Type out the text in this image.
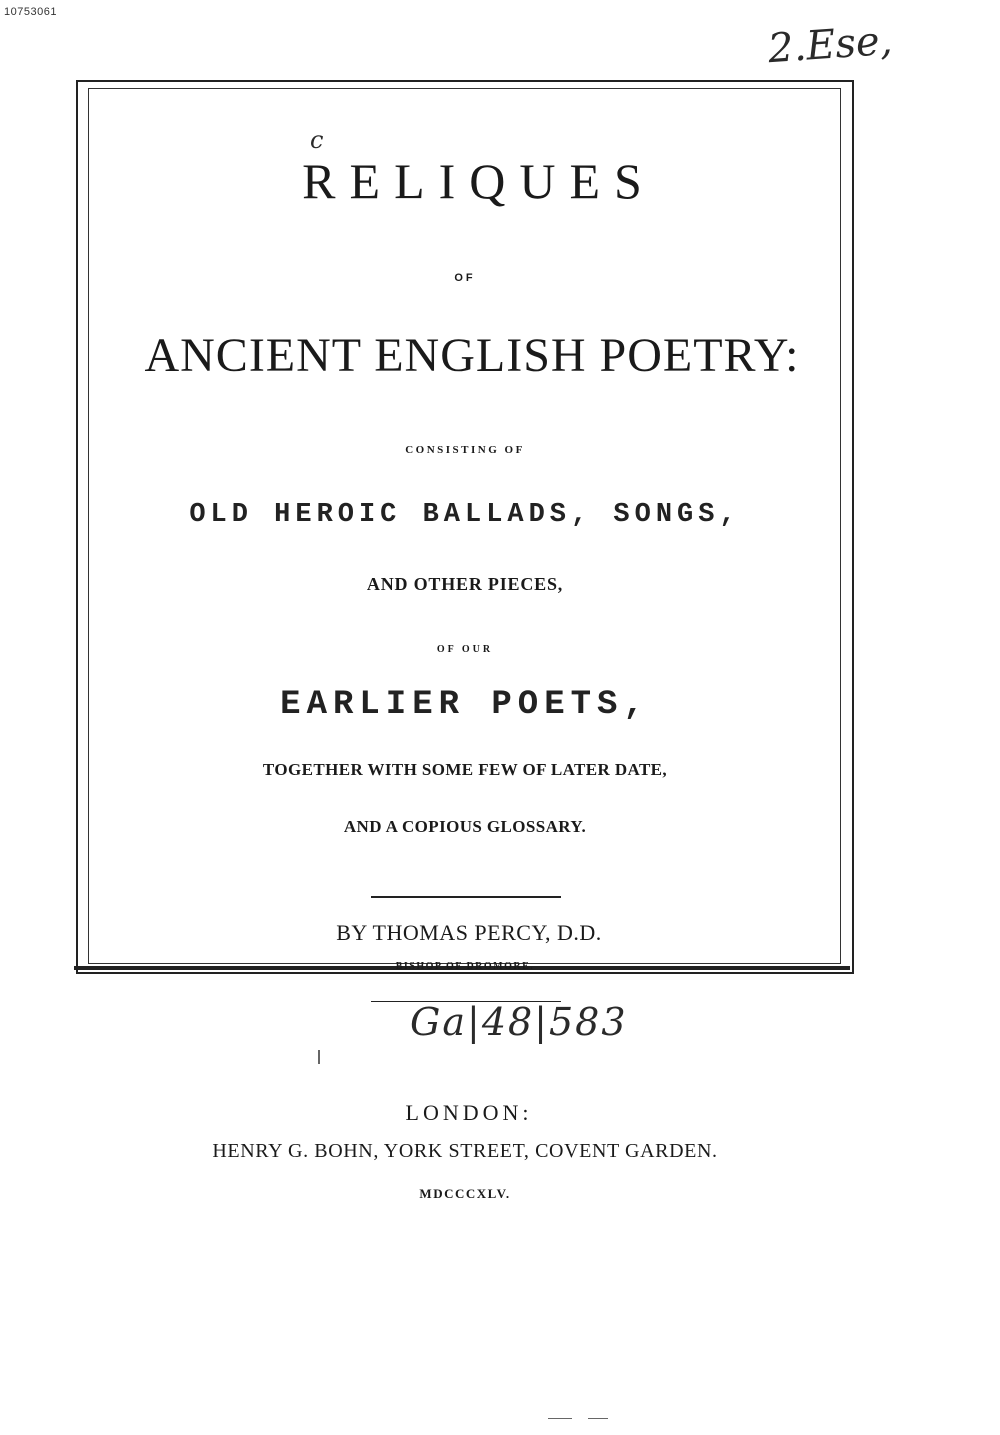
10753061
2.Ese,
c
RELIQUES
OF
ANCIENT ENGLISH POETRY:
CONSISTING OF
OLD HEROIC BALLADS, SONGS,
AND OTHER PIECES,
OF OUR
EARLIER POETS,
TOGETHER WITH SOME FEW OF LATER DATE,
AND A COPIOUS GLOSSARY.
BY THOMAS PERCY, D.D.
BISHOP OF DROMORE.
LONDON:
HENRY G. BOHN, YORK STREET, COVENT GARDEN.
MDCCCXLV.
Ga|48|583
